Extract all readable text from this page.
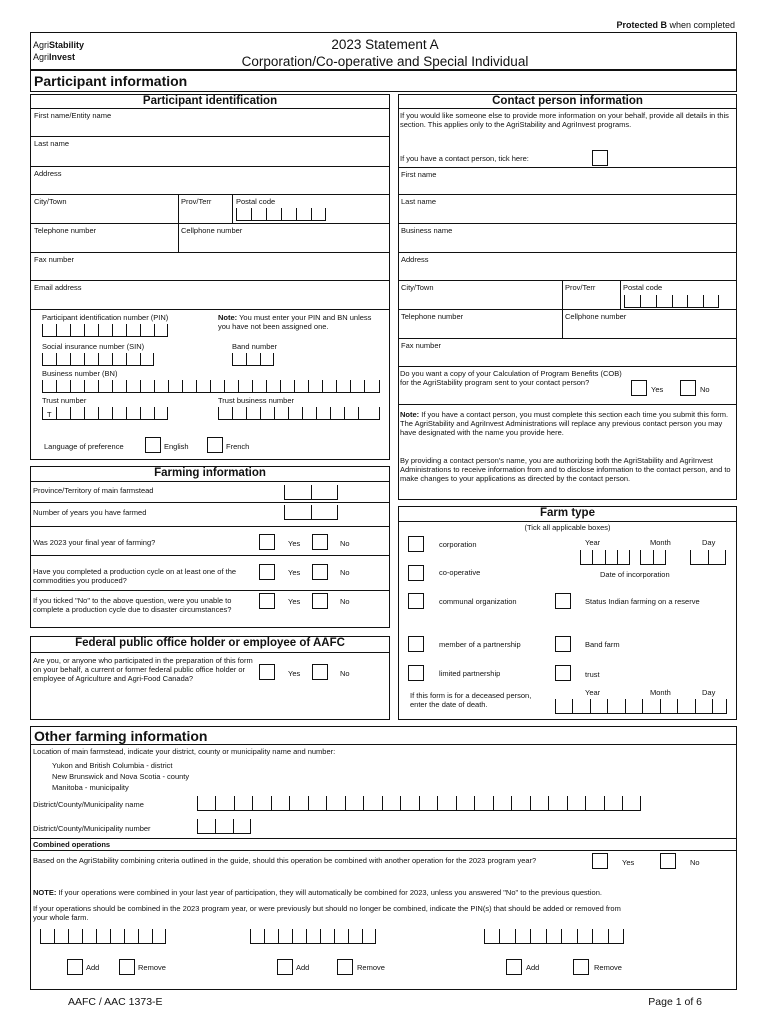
Protected B when completed
AgriStability
AgriInvest
2023 Statement A
Corporation/Co-operative and Special Individual
Participant information
Participant identification
First name/Entity name
Last name
Address
City/Town	Prov/Terr	Postal code
Telephone number	Cellphone number
Fax number
Email address
Participant identification number (PIN)	Note: You must enter your PIN and BN unless you have not been assigned one.
Social insurance number (SIN)	Band number
Business number (BN)
Trust number
T
Trust business number
Language of preference	English	French
Contact person information
If you would like someone else to provide more information on your behalf, provide all details in this section. This applies only to the AgriStability and AgriInvest programs.
If you have a contact person, tick here:
First name
Last name
Business name
Address
City/Town	Prov/Terr	Postal code
Telephone number	Cellphone number
Fax number
Do you want a copy of your Calculation of Program Benefits (COB) for the AgriStability program sent to your contact person?
Yes	No
Note: If you have a contact person, you must complete this section each time you submit this form. The AgriStability and AgriInvest Administrations will replace any previous contact person you may have designated with the name you provide here.
By providing a contact person's name, you are authorizing both the AgriStability and AgriInvest Administrations to receive information from and to disclose information to the contact person, and to make changes to your applications as directed by the contact person.
Farming information
Province/Territory of main farmstead
Number of years you have farmed
Was 2023 your final year of farming?	Yes	No
Have you completed a production cycle on at least one of the commodities you produced?
Yes	No
If you ticked "No" to the above question, were you unable to complete a production cycle due to disaster circumstances?
Yes	No
Federal public office holder or employee of AAFC
Are you, or anyone who participated in the preparation of this form on your behalf, a current or former federal public office holder or employee of Agriculture and Agri-Food Canada?
Yes	No
Farm type
(Tick all applicable boxes)
corporation	Year	Month	Day
Date of incorporation
co-operative
communal organization	Status Indian farming on a reserve
member of a partnership	Band farm
limited partnership	trust
If this form is for a deceased person, enter the date of death.
Year	Month	Day
Other farming information
Location of main farmstead, indicate your district, county or municipality name and number:
Yukon and British Columbia - district
New Brunswick and Nova Scotia - county
Manitoba - municipality
District/County/Municipality name
District/County/Municipality number
Combined operations
Based on the AgriStability combining criteria outlined in the guide, should this operation be combined with another operation for the 2023 program year?	Yes	No
NOTE: If your operations were combined in your last year of participation, they will automatically be combined for 2023, unless you answered "No" to the previous question.
If your operations should be combined in the 2023 program year, or were previously but should no longer be combined, indicate the PIN(s) that should be added or removed from your whole farm.
Add	Remove	Add	Remove	Add	Remove
AAFC / AAC 1373-E	Page 1 of 6
